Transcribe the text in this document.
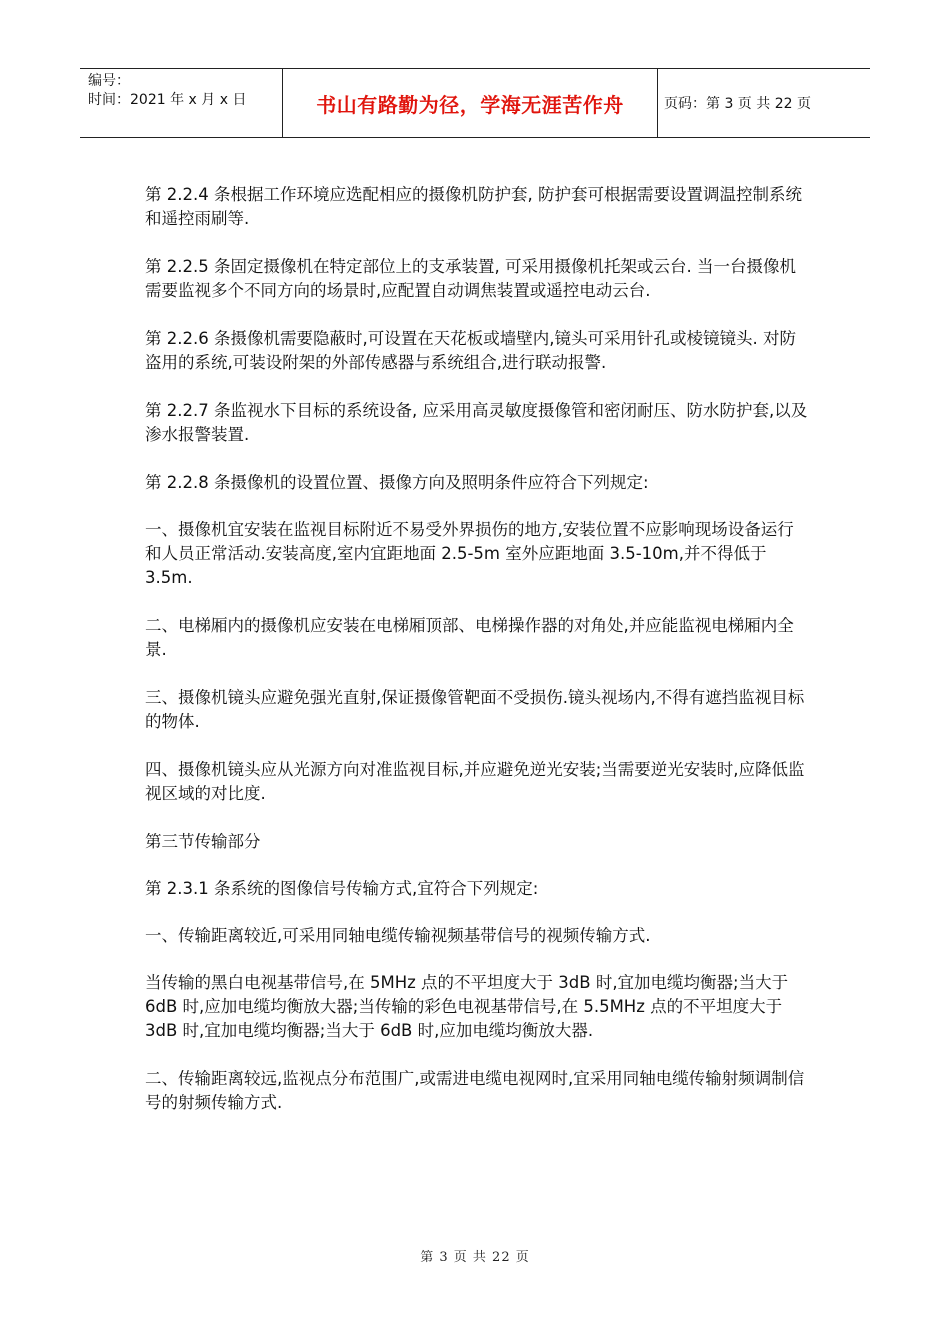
编号：
时间：2021 年 x 月 x 日	书山有路勤为径，学海无涯苦作舟	页码：第 3 页 共 22 页

第 2.2.4 条根据工作环境应选配相应的摄像机防护套, 防护套可根据需要设置调温控制系统和遥控雨刷等.

第 2.2.5 条固定摄像机在特定部位上的支承装置, 可采用摄像机托架或云台. 当一台摄像机需要监视多个不同方向的场景时,应配置自动调焦装置或遥控电动云台.

第 2.2.6 条摄像机需要隐蔽时,可设置在天花板或墙壁内,镜头可采用针孔或棱镜镜头. 对防盗用的系统,可装设附架的外部传感器与系统组合,进行联动报警.

第 2.2.7 条监视水下目标的系统设备, 应采用高灵敏度摄像管和密闭耐压、防水防护套,以及渗水报警装置.

第 2.2.8 条摄像机的设置位置、摄像方向及照明条件应符合下列规定:

一、摄像机宜安装在监视目标附近不易受外界损伤的地方,安装位置不应影响现场设备运行和人员正常活动.安装高度,室内宜距地面 2.5-5m 室外应距地面 3.5-10m,并不得低于 3.5m.

二、电梯厢内的摄像机应安装在电梯厢顶部、电梯操作器的对角处,并应能监视电梯厢内全景.

三、摄像机镜头应避免强光直射,保证摄像管靶面不受损伤.镜头视场内,不得有遮挡监视目标的物体.

四、摄像机镜头应从光源方向对准监视目标,并应避免逆光安装;当需要逆光安装时,应降低监视区域的对比度.

第三节传输部分

第 2.3.1 条系统的图像信号传输方式,宜符合下列规定:

一、传输距离较近,可采用同轴电缆传输视频基带信号的视频传输方式.

当传输的黑白电视基带信号,在 5MHz 点的不平坦度大于 3dB 时,宜加电缆均衡器;当大于 6dB 时,应加电缆均衡放大器;当传输的彩色电视基带信号,在 5.5MHz 点的不平坦度大于 3dB 时,宜加电缆均衡器;当大于 6dB 时,应加电缆均衡放大器.

二、传输距离较远,监视点分布范围广,或需进电缆电视网时,宜采用同轴电缆传输射频调制信号的射频传输方式.

第 3 页 共 22 页
